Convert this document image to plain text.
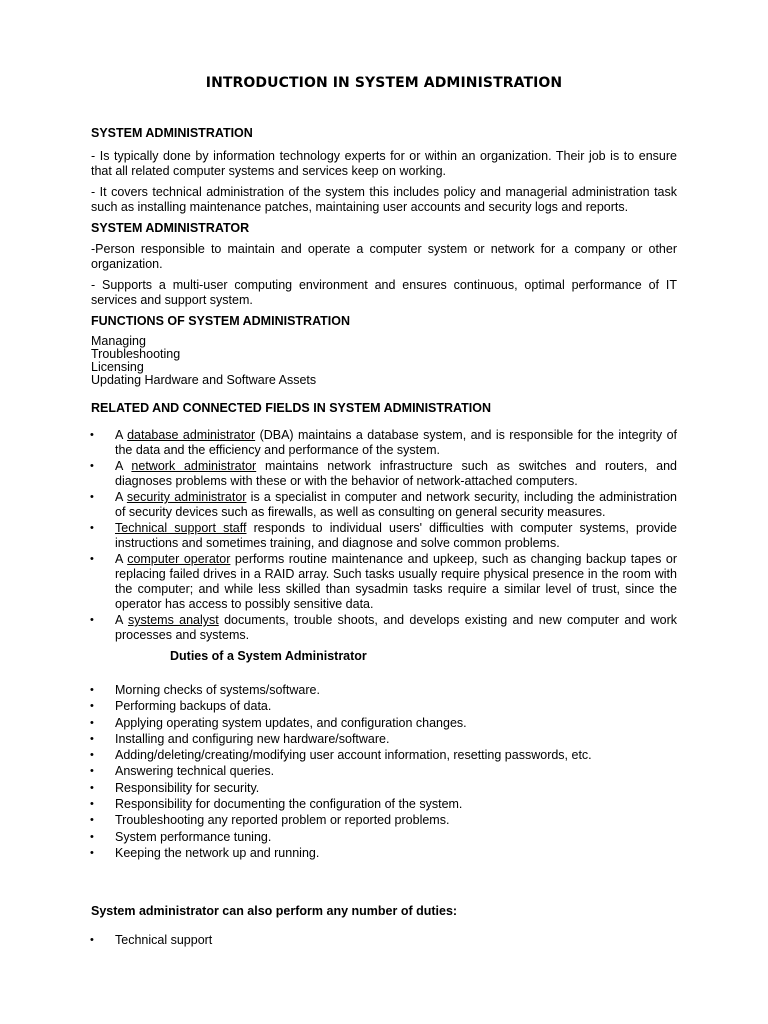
INTRODUCTION IN SYSTEM ADMINISTRATION
SYSTEM ADMINISTRATION

- Is typically done by information technology experts for or within an organization. Their job is to ensure that all related computer systems and services keep on working.

- It covers technical administration of the system this includes policy and managerial administration task such as installing maintenance patches, maintaining user accounts and security logs and reports.

SYSTEM ADMINISTRATOR

-Person responsible to maintain and operate a computer system or network for a company or other organization.

- Supports a multi-user computing environment and ensures continuous, optimal performance of IT services and support system.

FUNCTIONS OF SYSTEM ADMINISTRATION
Managing
Troubleshooting
Licensing
Updating Hardware and Software Assets
RELATED AND CONNECTED FIELDS IN SYSTEM ADMINISTRATION
• A database administrator (DBA) maintains a database system, and is responsible for the integrity of the data and the efficiency and performance of the system.
• A network administrator maintains network infrastructure such as switches and routers, and diagnoses problems with these or with the behavior of network-attached computers.
• A security administrator is a specialist in computer and network security, including the administration of security devices such as firewalls, as well as consulting on general security measures.
• Technical support staff responds to individual users' difficulties with computer systems, provide instructions and sometimes training, and diagnose and solve common problems.
• A computer operator performs routine maintenance and upkeep, such as changing backup tapes or replacing failed drives in a RAID array. Such tasks usually require physical presence in the room with the computer; and while less skilled than sysadmin tasks require a similar level of trust, since the operator has access to possibly sensitive data.
• A systems analyst documents, trouble shoots, and develops existing and new computer and work processes and systems.
Duties of a System Administrator
• Morning checks of systems/software.
• Performing backups of data.
• Applying operating system updates, and configuration changes.
• Installing and configuring new hardware/software.
• Adding/deleting/creating/modifying user account information, resetting passwords, etc.
• Answering technical queries.
• Responsibility for security.
• Responsibility for documenting the configuration of the system.
• Troubleshooting any reported problem or reported problems.
• System performance tuning.
• Keeping the network up and running.
System administrator can also perform any number of duties:
• Technical support
